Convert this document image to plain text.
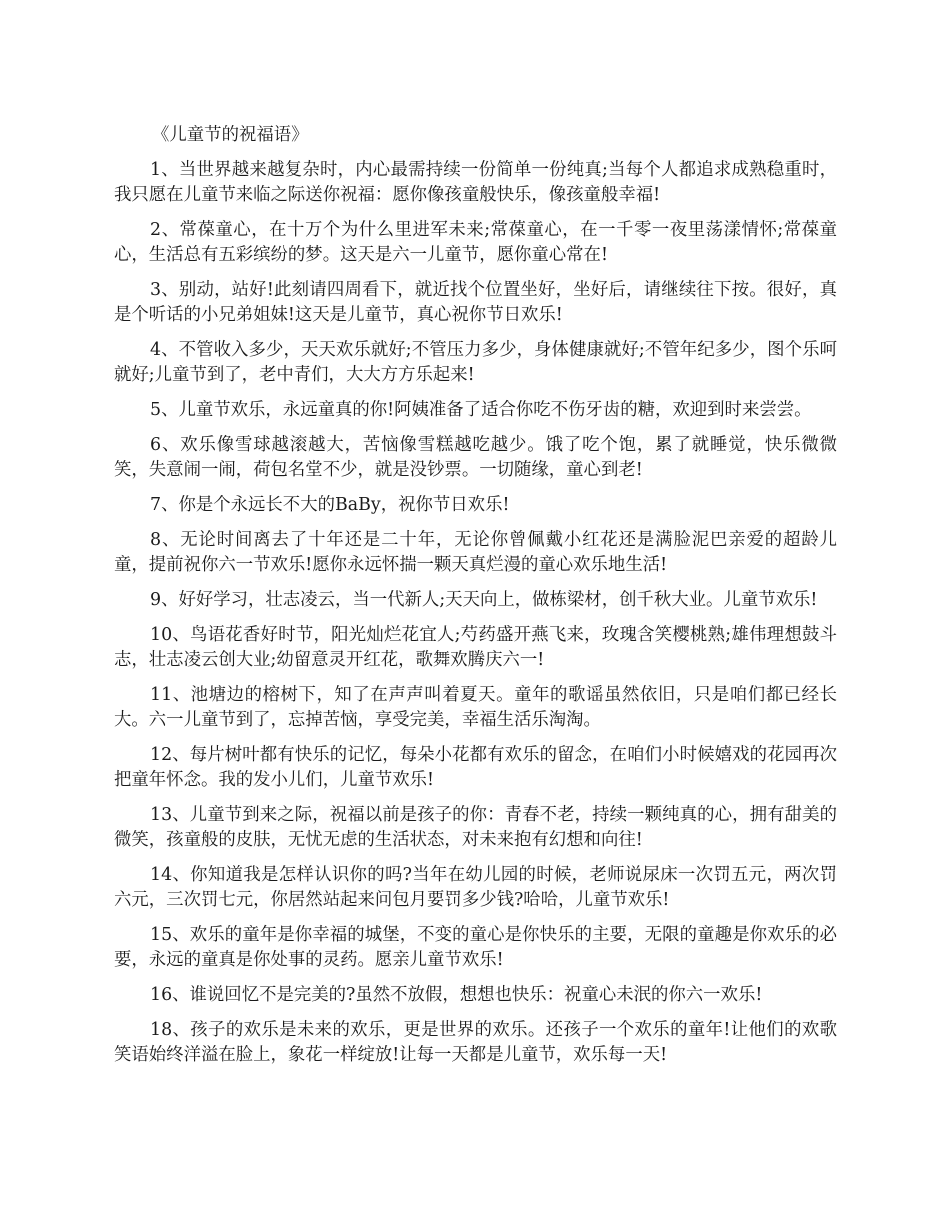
《儿童节的祝福语》

1、当世界越来越复杂时，内心最需持续一份简单一份纯真;当每个人都追求成熟稳重时，我只愿在儿童节来临之际送你祝福：愿你像孩童般快乐，像孩童般幸福!

2、常葆童心，在十万个为什么里进军未来;常葆童心，在一千零一夜里荡漾情怀;常葆童心，生活总有五彩缤纷的梦。这天是六一儿童节，愿你童心常在!

3、别动，站好!此刻请四周看下，就近找个位置坐好，坐好后，请继续往下按。很好，真是个听话的小兄弟姐妹!这天是儿童节，真心祝你节日欢乐!

4、不管收入多少，天天欢乐就好;不管压力多少，身体健康就好;不管年纪多少，图个乐呵就好;儿童节到了，老中青们，大大方方乐起来!

5、儿童节欢乐，永远童真的你!阿姨准备了适合你吃不伤牙齿的糖，欢迎到时来尝尝。

6、欢乐像雪球越滚越大，苦恼像雪糕越吃越少。饿了吃个饱，累了就睡觉，快乐微微笑，失意闹一闹，荷包名堂不少，就是没钞票。一切随缘，童心到老!

7、你是个永远长不大的BaBy，祝你节日欢乐!

8、无论时间离去了十年还是二十年，无论你曾佩戴小红花还是满脸泥巴亲爱的超龄儿童，提前祝你六一节欢乐!愿你永远怀揣一颗天真烂漫的童心欢乐地生活!

9、好好学习，壮志凌云，当一代新人;天天向上，做栋梁材，创千秋大业。儿童节欢乐!

10、鸟语花香好时节，阳光灿烂花宜人;芍药盛开燕飞来，玫瑰含笑樱桃熟;雄伟理想鼓斗志，壮志凌云创大业;幼留意灵开红花，歌舞欢腾庆六一!

11、池塘边的榕树下，知了在声声叫着夏天。童年的歌谣虽然依旧，只是咱们都已经长大。六一儿童节到了，忘掉苦恼，享受完美，幸福生活乐淘淘。

12、每片树叶都有快乐的记忆，每朵小花都有欢乐的留念，在咱们小时候嬉戏的花园再次把童年怀念。我的发小儿们，儿童节欢乐!

13、儿童节到来之际，祝福以前是孩子的你：青春不老，持续一颗纯真的心，拥有甜美的微笑，孩童般的皮肤，无忧无虑的生活状态，对未来抱有幻想和向往!

14、你知道我是怎样认识你的吗?当年在幼儿园的时候，老师说尿床一次罚五元，两次罚六元，三次罚七元，你居然站起来问包月要罚多少钱?哈哈，儿童节欢乐!

15、欢乐的童年是你幸福的城堡，不变的童心是你快乐的主要，无限的童趣是你欢乐的必要，永远的童真是你处事的灵药。愿亲儿童节欢乐!

16、谁说回忆不是完美的?虽然不放假，想想也快乐：祝童心未泯的你六一欢乐!

18、孩子的欢乐是未来的欢乐，更是世界的欢乐。还孩子一个欢乐的童年!让他们的欢歌笑语始终洋溢在脸上，象花一样绽放!让每一天都是儿童节，欢乐每一天!
